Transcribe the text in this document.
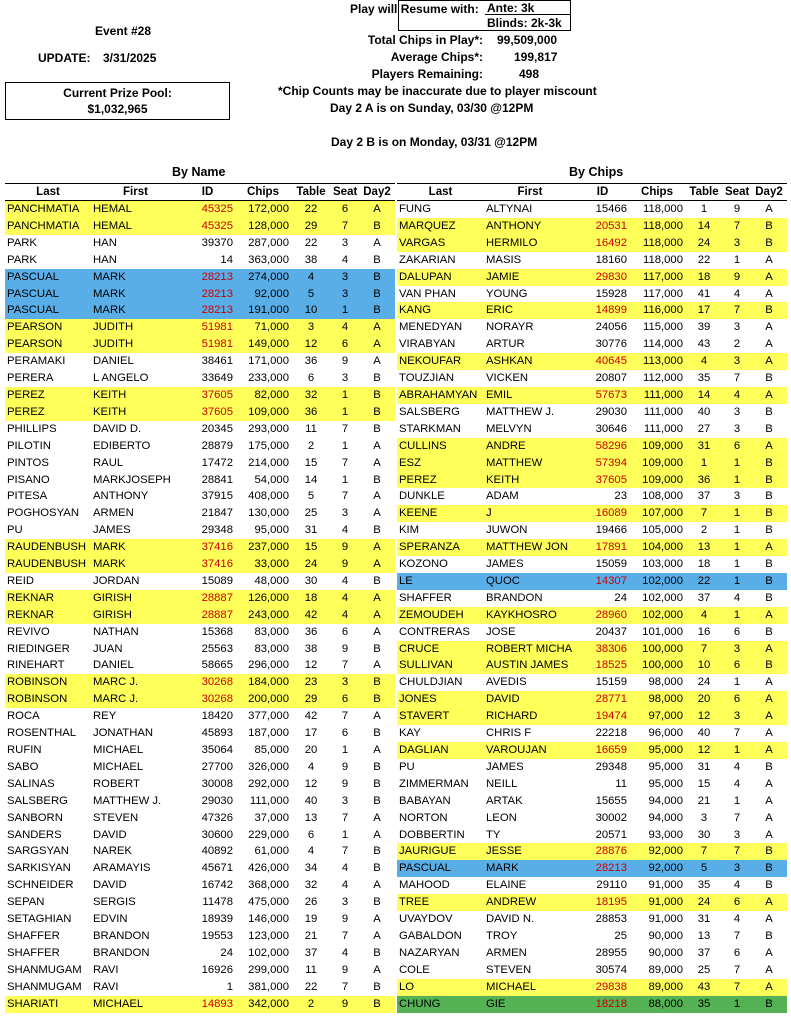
Event #28
UPDATE: 3/31/2025
Play will Resume with: Ante: 3k
Blinds: 2k-3k
Total Chips in Play*: 99,509,000
Average Chips*:	199,817
Players Remaining:	498
Current Prize Pool:
$1,032,965
*Chip Counts may be inaccurate due to player miscount
Day 2 A is on Sunday, 03/30 @12PM
Day 2 B is on Monday, 03/31 @12PM
By Name	By Chips
Last	First	ID	Chips	Table	Seat	Day2
PANCHMATIA	HEMAL	45325	172,000	22	6	A
PANCHMATIA	HEMAL	45325	128,000	29	7	B
PARK	HAN	39370	287,000	22	3	A
PARK	HAN	14	363,000	38	4	B
PASCUAL	MARK	28213	274,000	4	3	B
PASCUAL	MARK	28213	92,000	5	3	B
PASCUAL	MARK	28213	191,000	10	1	B
PEARSON	JUDITH	51981	71,000	3	4	A
PEARSON	JUDITH	51981	149,000	12	6	A
PERAMAKI	DANIEL	38461	171,000	36	9	A
PERERA	L ANGELO	33649	233,000	6	3	B
PEREZ	KEITH	37605	82,000	32	1	B
PEREZ	KEITH	37605	109,000	36	1	B
PHILLIPS	DAVID D.	20345	293,000	11	7	B
PILOTIN	EDIBERTO	28879	175,000	2	1	A
PINTOS	RAUL	17472	214,000	15	7	A
PISANO	MARKJOSEPH	28841	54,000	14	1	B
PITESA	ANTHONY	37915	408,000	5	7	A
POGHOSYAN	ARMEN	21847	130,000	25	3	A
PU	JAMES	29348	95,000	31	4	B
RAUDENBUSH	MARK	37416	237,000	15	9	A
RAUDENBUSH	MARK	37416	33,000	24	9	A
REID	JORDAN	15089	48,000	30	4	B
REKNAR	GIRISH	28887	126,000	18	4	A
REKNAR	GIRISH	28887	243,000	42	4	A
REVIVO	NATHAN	15368	83,000	36	6	A
RIEDINGER	JUAN	25563	83,000	38	9	B
RINEHART	DANIEL	58665	296,000	12	7	A
ROBINSON	MARC J.	30268	184,000	23	3	B
ROBINSON	MARC J.	30268	200,000	29	6	B
ROCA	REY	18420	377,000	42	7	A
ROSENTHAL	JONATHAN	45893	187,000	17	6	B
RUFIN	MICHAEL	35064	85,000	20	1	A
SABO	MICHAEL	27700	326,000	4	9	B
SALINAS	ROBERT	30008	292,000	12	9	B
SALSBERG	MATTHEW J.	29030	111,000	40	3	B
SANBORN	STEVEN	47326	37,000	13	7	A
SANDERS	DAVID	30600	229,000	6	1	A
SARGSYAN	NAREK	40892	61,000	4	7	B
SARKISYAN	ARAMAYIS	45671	426,000	34	4	B
SCHNEIDER	DAVID	16742	368,000	32	4	A
SEPAN	SERGIS	11478	475,000	26	3	B
SETAGHIAN	EDVIN	18939	146,000	19	9	A
SHAFFER	BRANDON	19553	123,000	21	7	A
SHAFFER	BRANDON	24	102,000	37	4	B
SHANMUGAM	RAVI	16926	299,000	11	9	A
SHANMUGAM	RAVI	1	381,000	22	7	B
SHARIATI	MICHAEL	14893	342,000	2	9	B
Last	First	ID	Chips	Table	Seat	Day2
FUNG	ALTYNAI	15466	118,000	1	9	A
MARQUEZ	ANTHONY	20531	118,000	14	7	B
VARGAS	HERMILO	16492	118,000	24	3	B
ZAKARIAN	MASIS	18160	118,000	22	1	A
DALUPAN	JAMIE	29830	117,000	18	9	A
VAN PHAN	YOUNG	15928	117,000	41	4	A
KANG	ERIC	14899	116,000	17	7	B
MENEDYAN	NORAYR	24056	115,000	39	3	A
VIRABYAN	ARTUR	30776	114,000	43	2	A
NEKOUFAR	ASHKAN	40645	113,000	4	3	A
TOUZJIAN	VICKEN	20807	112,000	35	7	B
ABRAHAMYAN	EMIL	57673	111,000	14	4	A
SALSBERG	MATTHEW J.	29030	111,000	40	3	B
STARKMAN	MELVYN	30646	111,000	27	3	B
CULLINS	ANDRE	58296	109,000	31	6	A
ESZ	MATTHEW	57394	109,000	1	1	B
PEREZ	KEITH	37605	109,000	36	1	B
DUNKLE	ADAM	23	108,000	37	3	B
KEENE	J	16089	107,000	7	1	B
KIM	JUWON	19466	105,000	2	1	B
SPERANZA	MATTHEW JON	17891	104,000	13	1	A
KOZONO	JAMES	15059	103,000	18	1	B
LE	QUOC	14307	102,000	22	1	B
SHAFFER	BRANDON	24	102,000	37	4	B
ZEMOUDEH	KAYKHOSRO	28960	102,000	4	1	A
CONTRERAS	JOSE	20437	101,000	16	6	B
CRUCE	ROBERT MICHA	38306	100,000	7	3	A
SULLIVAN	AUSTIN JAMES	18525	100,000	10	6	B
CHULDJIAN	AVEDIS	15159	98,000	24	1	A
JONES	DAVID	28771	98,000	20	6	A
STAVERT	RICHARD	19474	97,000	12	3	A
KAY	CHRIS F	22218	96,000	40	7	A
DAGLIAN	VAROUJAN	16659	95,000	12	1	A
PU	JAMES	29348	95,000	31	4	B
ZIMMERMAN	NEILL	11	95,000	15	4	A
BABAYAN	ARTAK	15655	94,000	21	1	A
NORTON	LEON	30002	94,000	3	7	A
DOBBERTIN	TY	20571	93,000	30	3	A
JAURIGUE	JESSE	28876	92,000	7	7	B
PASCUAL	MARK	28213	92,000	5	3	B
MAHOOD	ELAINE	29110	91,000	35	4	B
TREE	ANDREW	18195	91,000	24	6	A
UVAYDOV	DAVID N.	28853	91,000	31	4	A
GABALDON	TROY	25	90,000	13	7	B
NAZARYAN	ARMEN	28955	90,000	37	6	A
COLE	STEVEN	30574	89,000	25	7	A
LO	MICHAEL	29838	89,000	43	7	A
CHUNG	GIE	18218	88,000	35	1	B
